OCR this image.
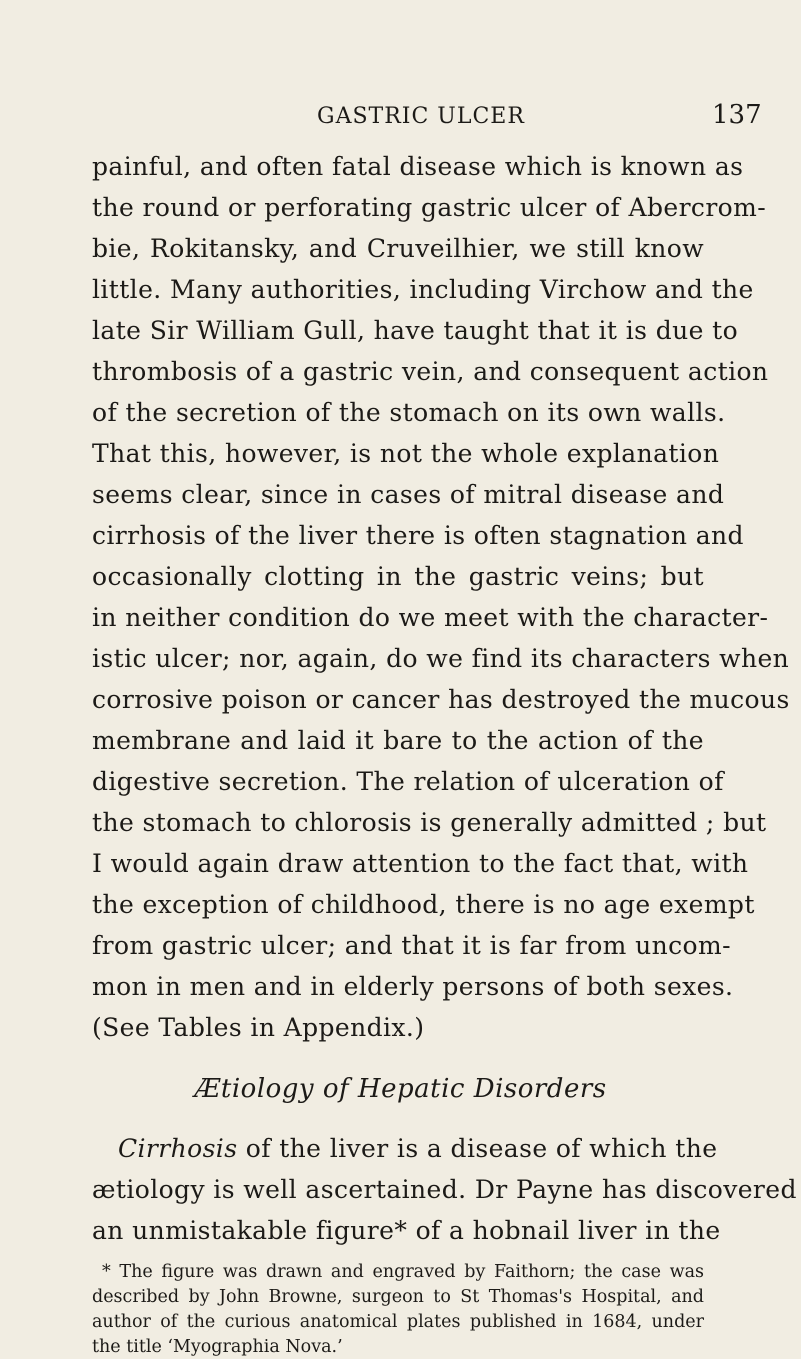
GASTRIC ULCER	137
painful, and often fatal disease which is known as
the round or perforating gastric ulcer of Abercrom-
bie, Rokitansky, and Cruveilhier, we still know
little. Many authorities, including Virchow and the
late Sir William Gull, have taught that it is due to
thrombosis of a gastric vein, and consequent action
of the secretion of the stomach on its own walls.
That this, however, is not the whole explanation
seems clear, since in cases of mitral disease and
cirrhosis of the liver there is often stagnation and
occasionally clotting in the gastric veins; but
in neither condition do we meet with the character-
istic ulcer; nor, again, do we find its characters when
corrosive poison or cancer has destroyed the mucous
membrane and laid it bare to the action of the
digestive secretion. The relation of ulceration of
the stomach to chlorosis is generally admitted ; but
I would again draw attention to the fact that, with
the exception of childhood, there is no age exempt
from gastric ulcer; and that it is far from uncom-
mon in men and in elderly persons of both sexes.
(See Tables in Appendix.)
Ætiology of Hepatic Disorders
Cirrhosis of the liver is a disease of which the
ætiology is well ascertained. Dr Payne has discovered
an unmistakable figure* of a hobnail liver in the
* The figure was drawn and engraved by Faithorn; the case was
described by John Browne, surgeon to St Thomas's Hospital, and
author of the curious anatomical plates published in 1684, under
the title ‘Myographia Nova.’
